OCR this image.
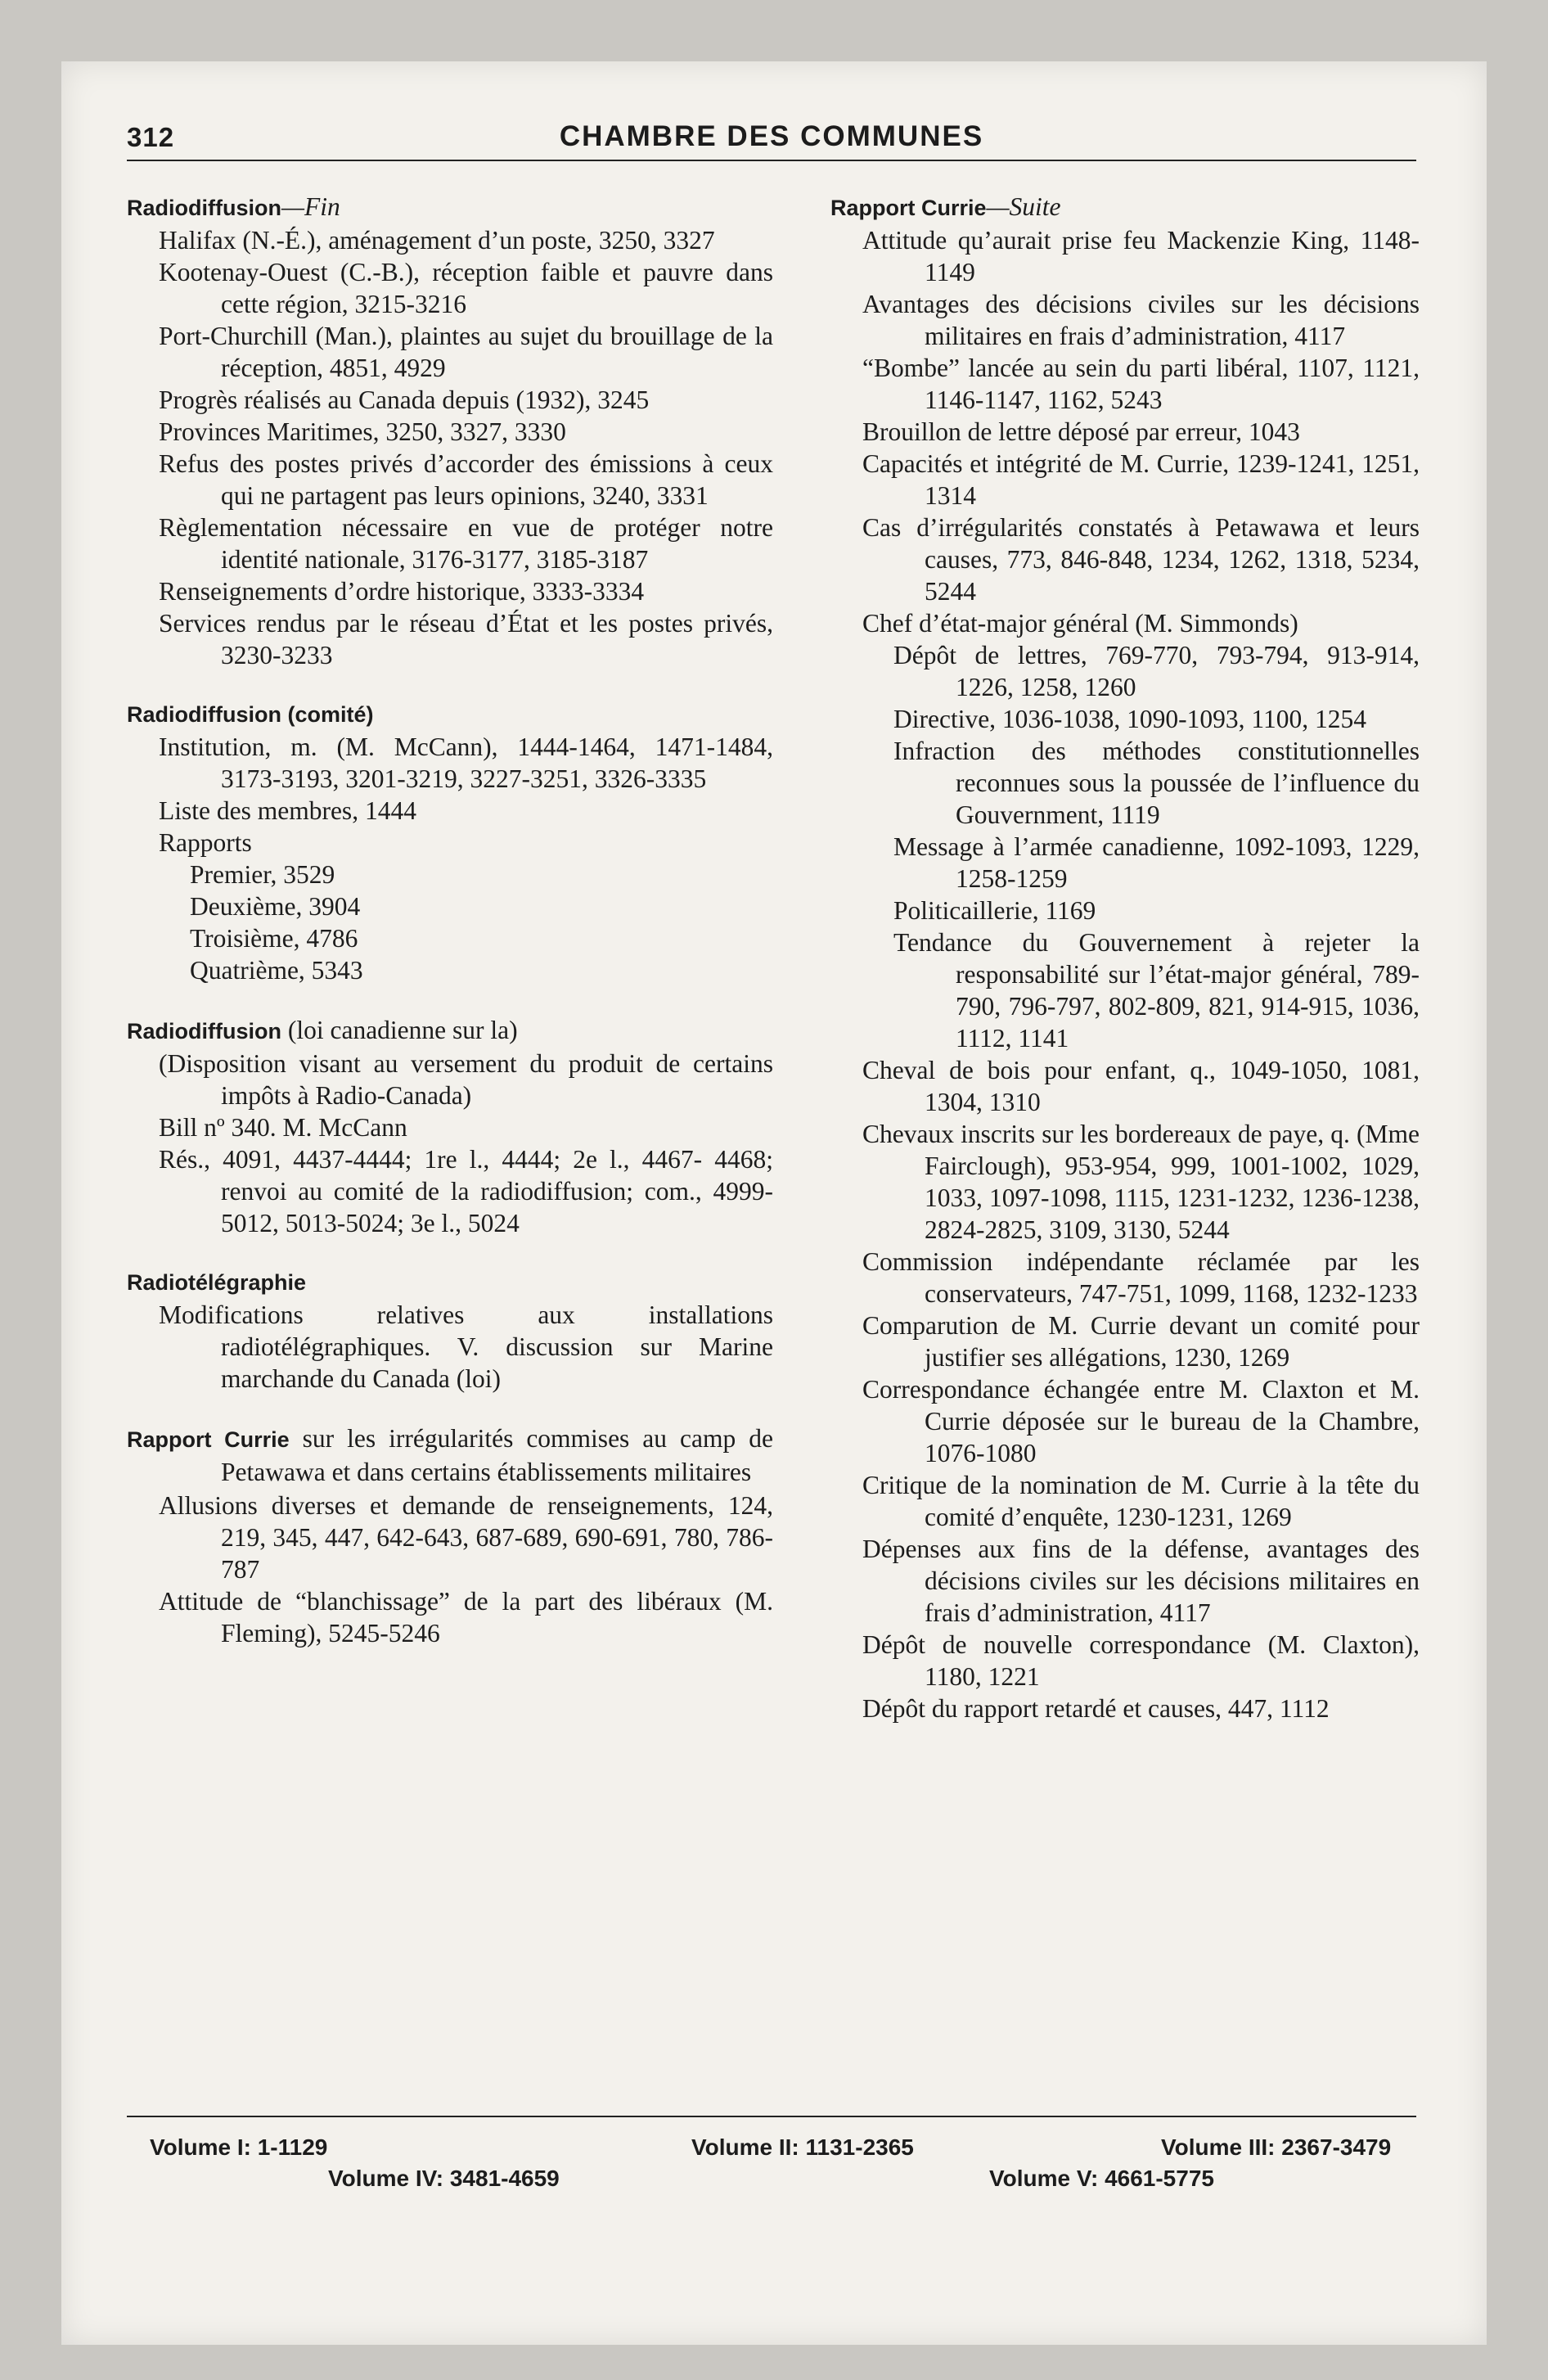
312	CHAMBRE DES COMMUNES
Radiodiffusion—Fin
Halifax (N.-É.), aménagement d’un poste, 3250, 3327
Kootenay-Ouest (C.-B.), réception faible et pauvre dans cette région, 3215-3216
Port-Churchill (Man.), plaintes au sujet du brouillage de la réception, 4851, 4929
Progrès réalisés au Canada depuis (1932), 3245
Provinces Maritimes, 3250, 3327, 3330
Refus des postes privés d’accorder des émissions à ceux qui ne partagent pas leurs opinions, 3240, 3331
Règlementation nécessaire en vue de protéger notre identité nationale, 3176-3177, 3185-3187
Renseignements d’ordre historique, 3333-3334
Services rendus par le réseau d’État et les postes privés, 3230-3233
Radiodiffusion (comité)
Institution, m. (M. McCann), 1444-1464, 1471-1484, 3173-3193, 3201-3219, 3227-3251, 3326-3335
Liste des membres, 1444
Rapports
Premier, 3529
Deuxième, 3904
Troisième, 4786
Quatrième, 5343
Radiodiffusion (loi canadienne sur la)
(Disposition visant au versement du produit de certains impôts à Radio-Canada)
Bill nº 340. M. McCann
Rés., 4091, 4437-4444; 1re l., 4444; 2e l., 4467- 4468; renvoi au comité de la radiodiffusion; com., 4999-5012, 5013-5024; 3e l., 5024
Radiotélégraphie
Modifications relatives aux installations radiotélégraphiques. V. discussion sur Marine marchande du Canada (loi)
Rapport Currie sur les irrégularités commises au camp de Petawawa et dans certains établissements militaires
Allusions diverses et demande de renseignements, 124, 219, 345, 447, 642-643, 687-689, 690-691, 780, 786-787
Attitude de “blanchissage” de la part des libéraux (M. Fleming), 5245-5246
Rapport Currie—Suite
Attitude qu’aurait prise feu Mackenzie King, 1148-1149
Avantages des décisions civiles sur les décisions militaires en frais d’administration, 4117
“Bombe” lancée au sein du parti libéral, 1107, 1121, 1146-1147, 1162, 5243
Brouillon de lettre déposé par erreur, 1043
Capacités et intégrité de M. Currie, 1239-1241, 1251, 1314
Cas d’irrégularités constatés à Petawawa et leurs causes, 773, 846-848, 1234, 1262, 1318, 5234, 5244
Chef d’état-major général (M. Simmonds)
Dépôt de lettres, 769-770, 793-794, 913-914, 1226, 1258, 1260
Directive, 1036-1038, 1090-1093, 1100, 1254
Infraction des méthodes constitutionnelles reconnues sous la poussée de l’influence du Gouvernment, 1119
Message à l’armée canadienne, 1092-1093, 1229, 1258-1259
Politicaillerie, 1169
Tendance du Gouvernement à rejeter la responsabilité sur l’état-major général, 789-790, 796-797, 802-809, 821, 914-915, 1036, 1112, 1141
Cheval de bois pour enfant, q., 1049-1050, 1081, 1304, 1310
Chevaux inscrits sur les bordereaux de paye, q. (Mme Fairclough), 953-954, 999, 1001-1002, 1029, 1033, 1097-1098, 1115, 1231-1232, 1236-1238, 2824-2825, 3109, 3130, 5244
Commission indépendante réclamée par les conservateurs, 747-751, 1099, 1168, 1232-1233
Comparution de M. Currie devant un comité pour justifier ses allégations, 1230, 1269
Correspondance échangée entre M. Claxton et M. Currie déposée sur le bureau de la Chambre, 1076-1080
Critique de la nomination de M. Currie à la tête du comité d’enquête, 1230-1231, 1269
Dépenses aux fins de la défense, avantages des décisions civiles sur les décisions militaires en frais d’administration, 4117
Dépôt de nouvelle correspondance (M. Claxton), 1180, 1221
Dépôt du rapport retardé et causes, 447, 1112
Volume I: 1-1129	Volume II: 1131-2365	Volume III: 2367-3479
Volume IV: 3481-4659	Volume V: 4661-5775
